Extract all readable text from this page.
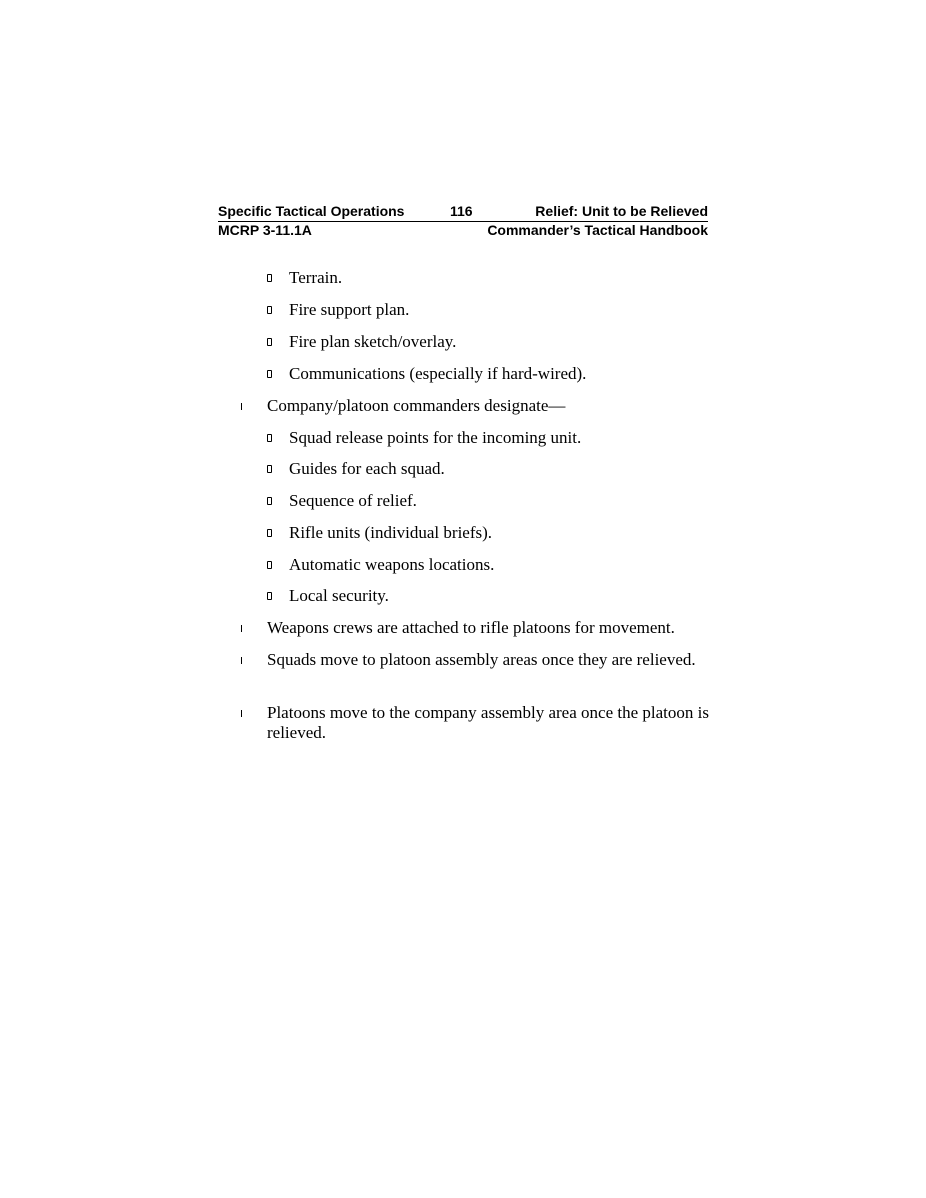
Specific Tactical Operations	116	Relief: Unit to be Relieved
MCRP 3-11.1A	Commander’s Tactical Handbook
Terrain.
Fire support plan.
Fire plan sketch/overlay.
Communications (especially if hard-wired).
Company/platoon commanders designate—
Squad release points for the incoming unit.
Guides for each squad.
Sequence of relief.
Rifle units (individual briefs).
Automatic weapons locations.
Local security.
Weapons crews are attached to rifle platoons for movement.
Squads move to platoon assembly areas once they are relieved.
Platoons move to the company assembly area once the platoon is relieved.
